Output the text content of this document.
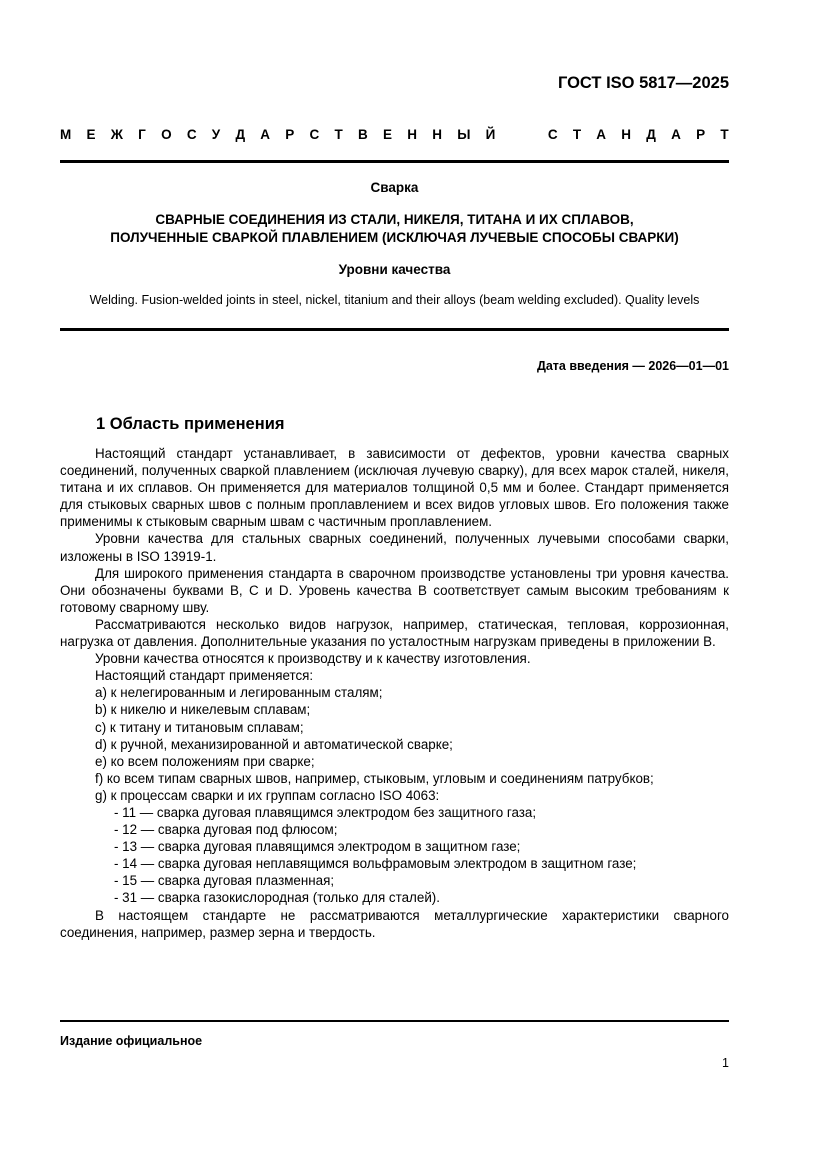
ГОСТ ISO 5817—2025
М Е Ж Г О С У Д А Р С Т В Е Н Н Ы Й	С Т А Н Д А Р Т
Сварка
СВАРНЫЕ СОЕДИНЕНИЯ ИЗ СТАЛИ, НИКЕЛЯ, ТИТАНА И ИХ СПЛАВОВ,
ПОЛУЧЕННЫЕ СВАРКОЙ ПЛАВЛЕНИЕМ (ИСКЛЮЧАЯ ЛУЧЕВЫЕ СПОСОБЫ СВАРКИ)
Уровни качества
Welding. Fusion-welded joints in steel, nickel, titanium and their alloys (beam welding excluded). Quality levels
Дата введения — 2026—01—01
1 Область применения

Настоящий стандарт устанавливает, в зависимости от дефектов, уровни качества сварных соединений, полученных сваркой плавлением (исключая лучевую сварку), для всех марок сталей, никеля, титана и их сплавов. Он применяется для материалов толщиной 0,5 мм и более. Стандарт применяется для стыковых сварных швов с полным проплавлением и всех видов угловых швов. Его положения также применимы к стыковым сварным швам с частичным проплавлением.

Уровни качества для стальных сварных соединений, полученных лучевыми способами сварки, изложены в ISO 13919-1.

Для широкого применения стандарта в сварочном производстве установлены три уровня качества. Они обозначены буквами B, C и D. Уровень качества B соответствует самым высоким требованиям к готовому сварному шву.

Рассматриваются несколько видов нагрузок, например, статическая, тепловая, коррозионная, нагрузка от давления. Дополнительные указания по усталостным нагрузкам приведены в приложении В.

Уровни качества относятся к производству и к качеству изготовления.

Настоящий стандарт применяется:

a) к нелегированным и легированным сталям;
b) к никелю и никелевым сплавам;
c) к титану и титановым сплавам;
d) к ручной, механизированной и автоматической сварке;
e) ко всем положениям при сварке;
f) ко всем типам сварных швов, например, стыковым, угловым и соединениям патрубков;
g) к процессам сварки и их группам согласно ISO 4063:
- 11 — сварка дуговая плавящимся электродом без защитного газа;
- 12 — сварка дуговая под флюсом;
- 13 — сварка дуговая плавящимся электродом в защитном газе;
- 14 — сварка дуговая неплавящимся вольфрамовым электродом в защитном газе;
- 15 — сварка дуговая плазменная;
- 31 — сварка газокислородная (только для сталей).

В настоящем стандарте не рассматриваются металлургические характеристики сварного соединения, например, размер зерна и твердость.

Издание официальное
1
